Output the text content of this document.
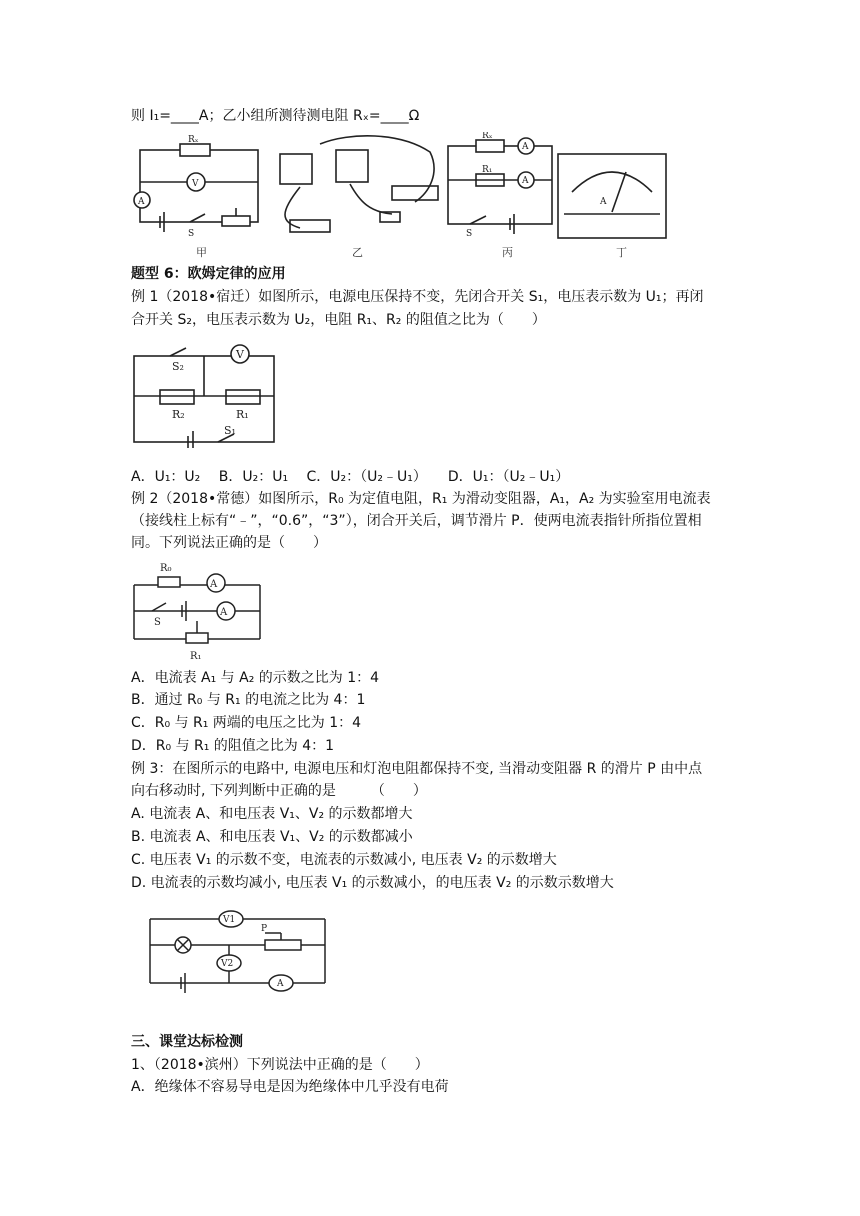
则 I₁=____A；乙小组所测待测电阻 Rₓ=____Ω
Rₓ
V
A
S
Rₓ
R₁
A
A
S
A
甲	乙	丙	丁
题型 6：欧姆定律的应用
例 1（2018•宿迁）如图所示，电源电压保持不变，先闭合开关 S₁，电压表示数为 U₁；再闭
合开关 S₂，电压表示数为 U₂，电阻 R₁、R₂ 的阻值之比为（　　）
V
S₂
R₂	R₁
S₁
A．U₁：U₂　 B．U₂：U₁　 C．U₂：（U₂﹣U₁）　　D．U₁：（U₂﹣U₁）
例 2（2018•常德）如图所示，R₀ 为定值电阻，R₁ 为滑动变阻器，A₁，A₂ 为实验室用电流表
（接线柱上标有“﹣”，“0.6”，“3”），闭合开关后，调节滑片 P．使两电流表指针所指位置相
同。下列说法正确的是（　　）
R₀
A
A
S
R₁
A．电流表 A₁ 与 A₂ 的示数之比为 1：4
B．通过 R₀ 与 R₁ 的电流之比为 4：1
C．R₀ 与 R₁ 两端的电压之比为 1：4
D．R₀ 与 R₁ 的阻值之比为 4：1
例 3：在图所示的电路中, 电源电压和灯泡电阻都保持不变, 当滑动变阻器 R 的滑片 P 由中点
向右移动时, 下列判断中正确的是　　　（　　）
A. 电流表 A、和电压表 V₁、V₂ 的示数都增大
B. 电流表 A、和电压表 V₁、V₂ 的示数都减小
C. 电压表 V₁ 的示数不变，电流表的示数减小, 电压表 V₂ 的示数增大
D. 电流表的示数均减小, 电压表 V₁ 的示数减小，的电压表 V₂ 的示数示数增大
V1
V2
P
A
三、课堂达标检测
1、（2018•滨州）下列说法中正确的是（　　）
A．绝缘体不容易导电是因为绝缘体中几乎没有电荷
